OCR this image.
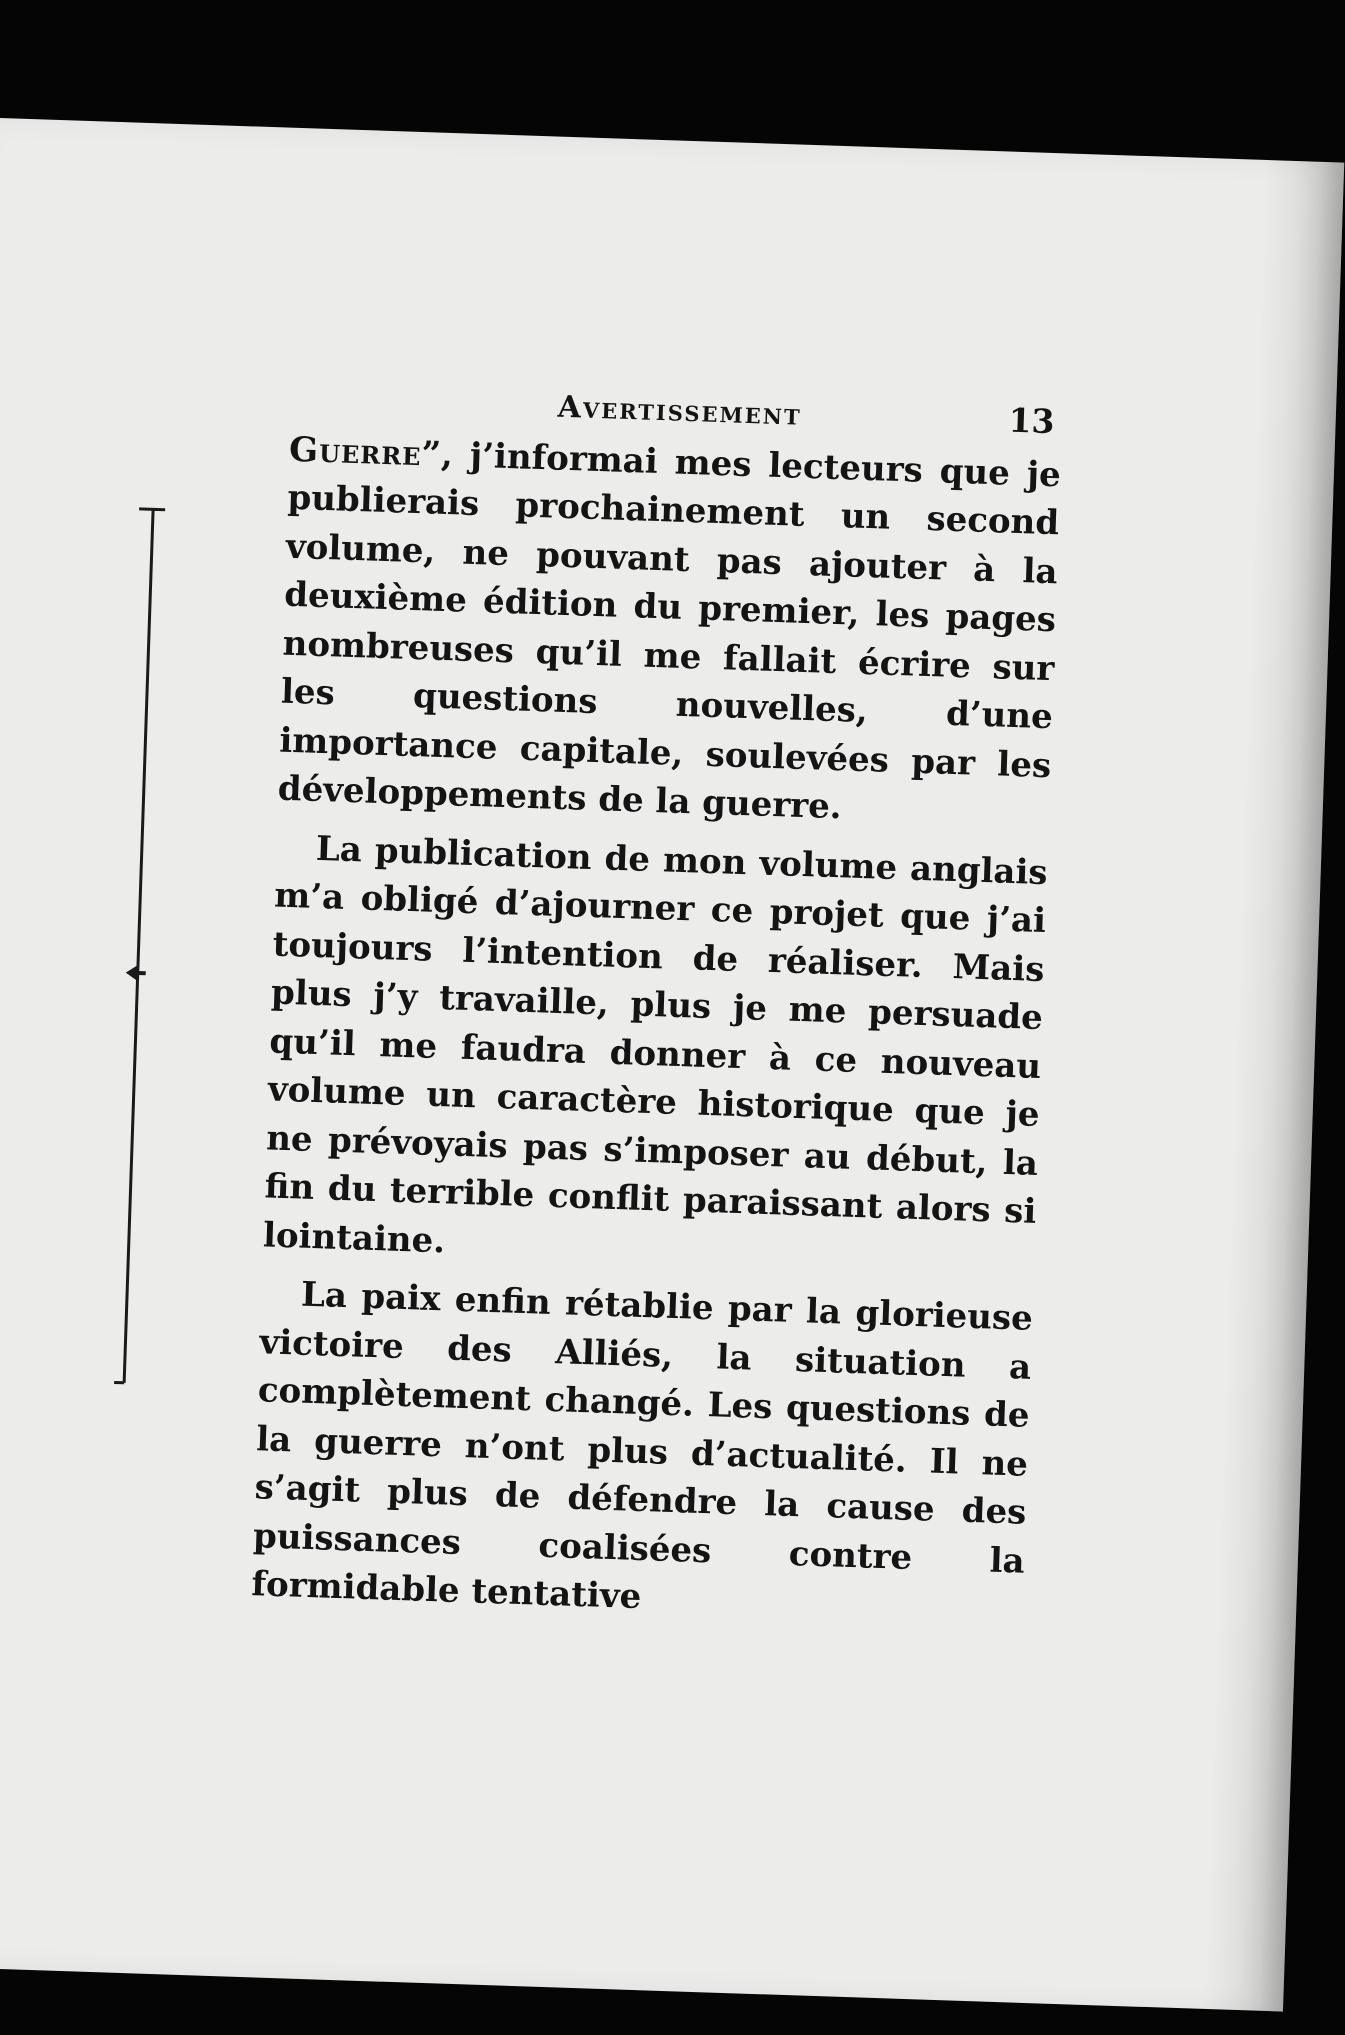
Avertissement	13

Guerre”, j’informai mes lecteurs que je publierais prochainement un second volume, ne pouvant pas ajouter à la deuxième édition du premier, les pages nombreuses qu’il me fallait écrire sur les questions nouvelles, d’une importance capitale, soulevées par les développements de la guerre.

La publication de mon volume anglais m’a obligé d’ajourner ce projet que j’ai toujours l’intention de réaliser. Mais plus j’y travaille, plus je me persuade qu’il me faudra donner à ce nouveau volume un caractère historique que je ne prévoyais pas s’imposer au début, la fin du terrible conflit paraissant alors si lointaine.

La paix enfin rétablie par la glorieuse victoire des Alliés, la situation a complètement changé. Les questions de la guerre n’ont plus d’actualité. Il ne s’agit plus de défendre la cause des puissances coalisées contre la formidable tentative
